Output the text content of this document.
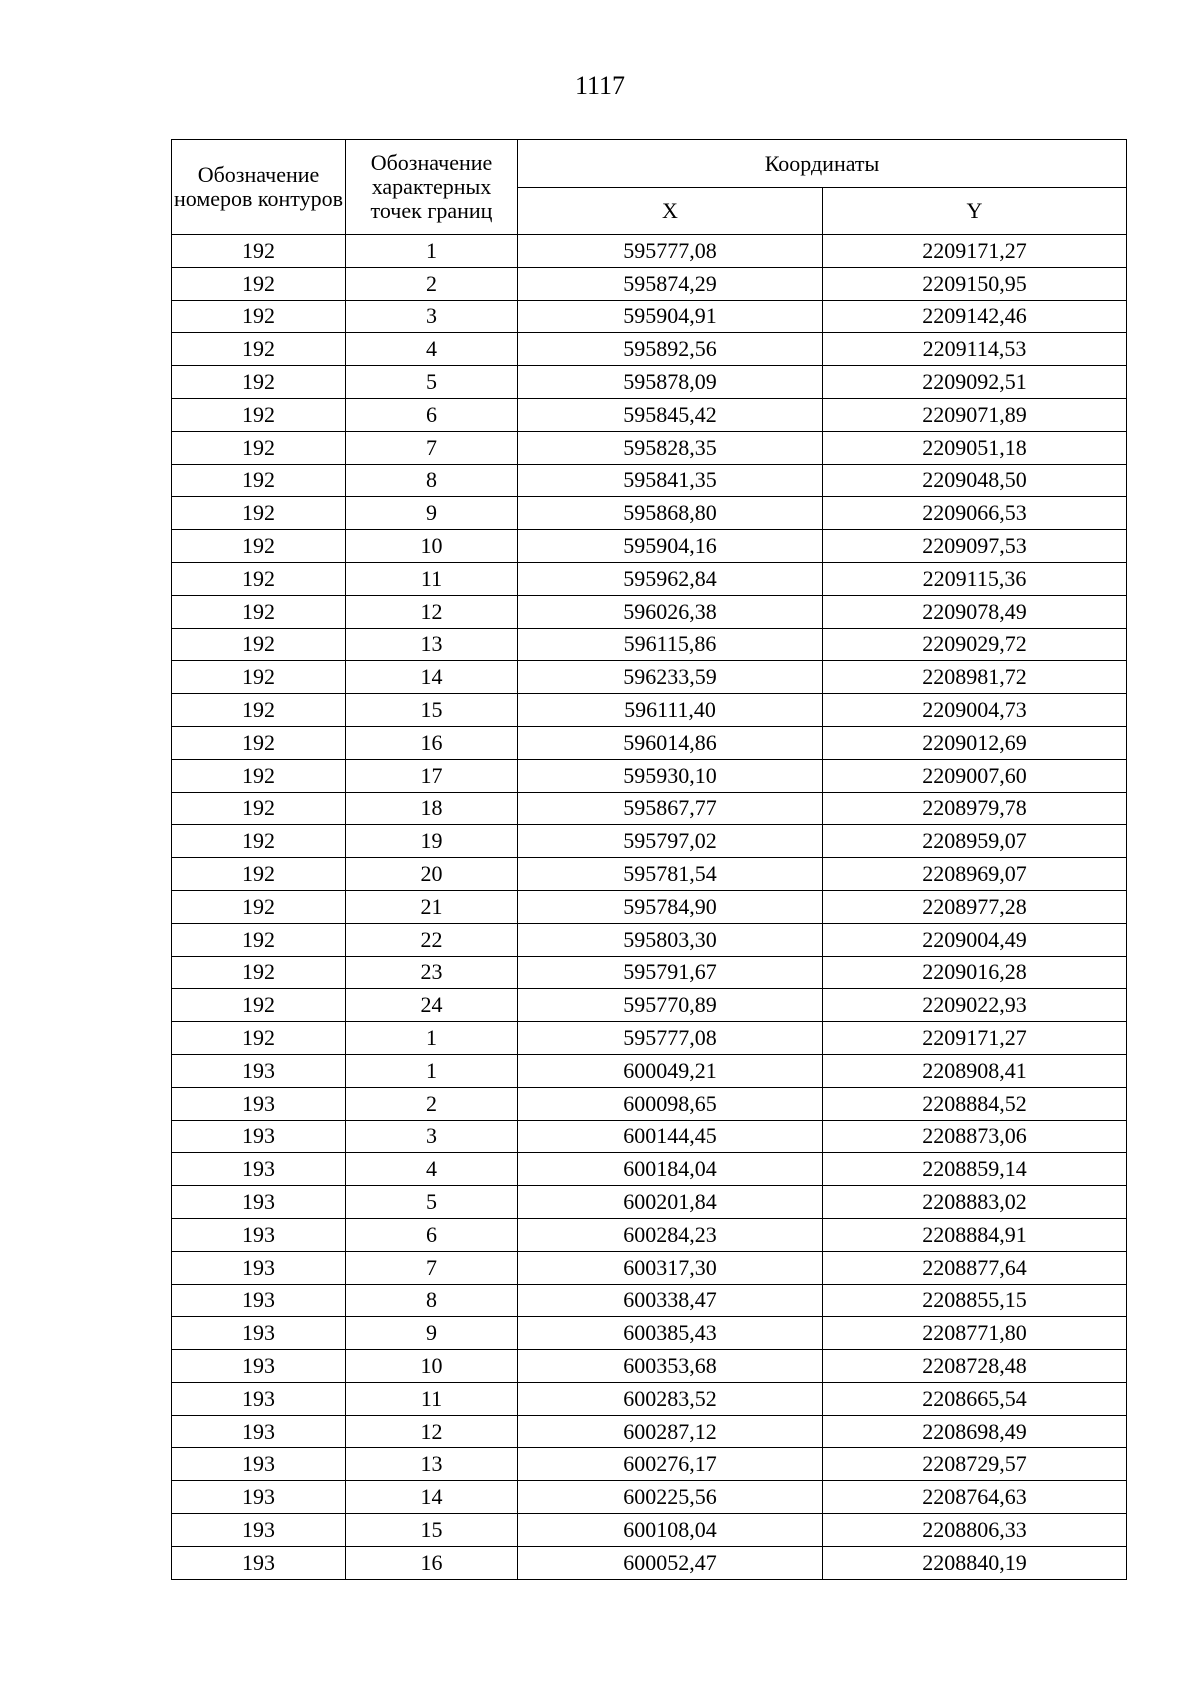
1117
Обозначение номеров контуров	Обозначение характерных точек границ	Координаты	
		X	Y
192	1	595777,08	2209171,27
192	2	595874,29	2209150,95
192	3	595904,91	2209142,46
192	4	595892,56	2209114,53
192	5	595878,09	2209092,51
192	6	595845,42	2209071,89
192	7	595828,35	2209051,18
192	8	595841,35	2209048,50
192	9	595868,80	2209066,53
192	10	595904,16	2209097,53
192	11	595962,84	2209115,36
192	12	596026,38	2209078,49
192	13	596115,86	2209029,72
192	14	596233,59	2208981,72
192	15	596111,40	2209004,73
192	16	596014,86	2209012,69
192	17	595930,10	2209007,60
192	18	595867,77	2208979,78
192	19	595797,02	2208959,07
192	20	595781,54	2208969,07
192	21	595784,90	2208977,28
192	22	595803,30	2209004,49
192	23	595791,67	2209016,28
192	24	595770,89	2209022,93
192	1	595777,08	2209171,27
193	1	600049,21	2208908,41
193	2	600098,65	2208884,52
193	3	600144,45	2208873,06
193	4	600184,04	2208859,14
193	5	600201,84	2208883,02
193	6	600284,23	2208884,91
193	7	600317,30	2208877,64
193	8	600338,47	2208855,15
193	9	600385,43	2208771,80
193	10	600353,68	2208728,48
193	11	600283,52	2208665,54
193	12	600287,12	2208698,49
193	13	600276,17	2208729,57
193	14	600225,56	2208764,63
193	15	600108,04	2208806,33
193	16	600052,47	2208840,19
